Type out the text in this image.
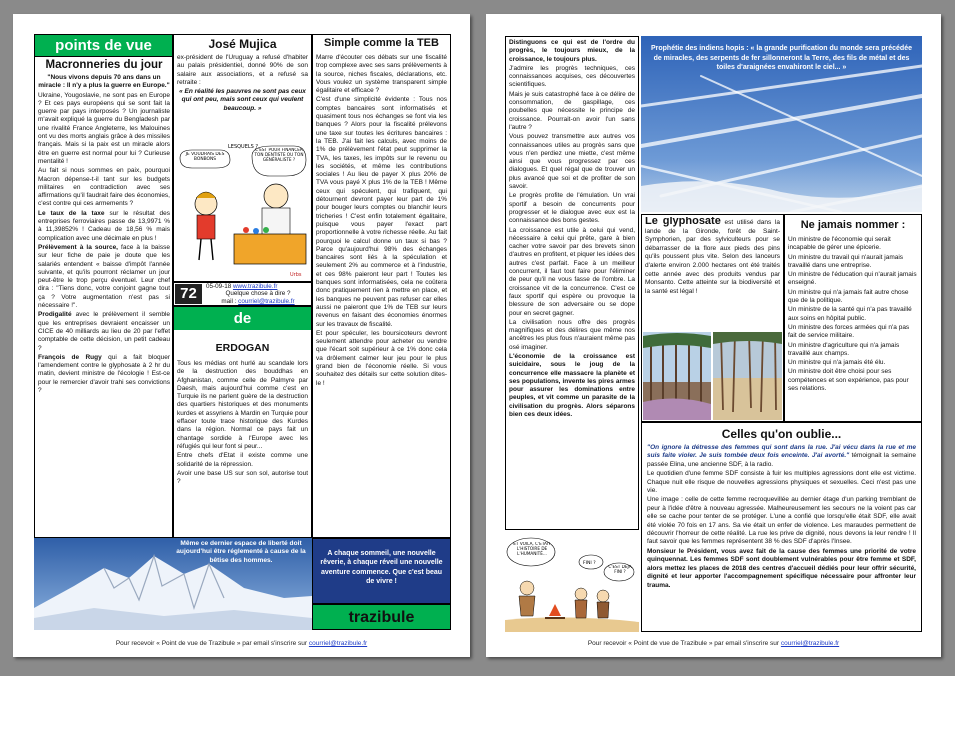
points de vue
Macronneries du jour

"Nous vivons depuis 70 ans dans un miracle : Il n'y a plus la guerre en Europe."

Ukraine, Yougoslavie, ne sont pas en Europe ? Et ces pays européens qui se sont fait la guerre par pays interposés ? Un journaliste m'avait expliqué la guerre du Bengladesh par une rivalité France Angleterre, les Malouines ont vu des morts anglais grâce à des missiles français. Mais si la paix est un miracle alors être en guerre est normal pour lui ? Curieuse mentalité !

Au fait si nous sommes en paix, pourquoi Macron dépense-t-il tant sur les budgets militaires en contradiction avec ses affirmations qu'il faudrait faire des économies, c'est contre qui ces armements ?

Le taux de la taxe sur le résultat des entreprises ferroviaires passe de 13,9971 % à 11,39852% ! Cadeau de 18,56 % mais complication avec une décimale en plus !

Prélèvement à la source, face à la baisse sur leur fiche de paie je doute que les salariés entendent « baisse d'impôt l'année suivante, et qu'ils pourront réclamer un jour peut-être le trop perçu éventuel. Leur chef dira : "Tiens donc, votre conjoint gagne tout ça ? Votre augmentation n'est pas si nécessaire !".

Prodigalité avec le prélèvement il semble que les entreprises devraient encaisser un CICE de 40 milliards au lieu de 20 par l'effet comptable de cette décision, un petit cadeau ?

François de Rugy qui a fait bloquer l'amendement contre le glyphosate à 2 hr du matin, devient ministre de l'écologie ! Est-ce pour le remercier d'avoir trahi ses convictions ?

José Mujica

ex-président de l'Uruguay a refusé d'habiter au palais présidentiel, donné 90% de son salaire aux associations, et a refusé sa retraite :

« En réalité les pauvres ne sont pas ceux qui ont peu, mais sont ceux qui veulent beaucoup. »

LESQUELS ?
JE VOUDRAIS DES BONBONS
C'EST POUR FINANCER TON DENTISTE OU TON GÉNÉRALISTE ?
Urbs
72	05-09-18 www.trazibule.fr
Quelque chose à dire ?
mail : courriel@trazibule.fr
de
ERDOGAN

Tous les médias ont hurlé au scandale lors de la destruction des bouddhas en Afghanistan, comme celle de Palmyre par Daesh, mais aujourd'hui comme c'est en Turquie ils ne parlent guère de la destruction des quartiers historiques et des monuments kurdes et assyriens à Mardin en Turquie pour effacer toute trace historique des Kurdes dans la région. Normal ce pays fait un chantage sordide à l'Europe avec les réfugiés qui leur font si peur...

Entre chefs d'Etat il existe comme une solidarité de la répression.

Avoir une base US sur son sol, autorise tout ?

Simple comme la TEB

Marre d'écouter ces débats sur une fiscalité trop complexe avec ses sans prélèvements à la source, niches fiscales, déclarations, etc. Vous voulez un système transparent simple égalitaire et efficace ?

C'est d'une simplicité évidente : Tous nos comptes bancaires sont informatisés et quasiment tous nos échanges se font via les banques ? Alors pour la fiscalité prélevons une taxe sur toutes les écritures bancaires : la TEB. J'ai fait les calculs, avec moins de 1% de prélèvement l'état peut supprimer la TVA, les taxes, les impôts sur le revenu ou les sociétés, et même les contributions sociales ! Au lieu de payer X plus 20% de TVA vous payé X plus 1% de la TEB ! Même ceux qui spéculent, qui trafiquent, qui détournent devront payer leur part de 1% pour bouger leurs comptes ou blanchir leurs tricheries ! C'est enfin totalement égalitaire, puisque vous payer l'exact part proportionnelle à votre richesse réelle. Au fait pourquoi le calcul donne un taux si bas ? Parce qu'aujourd'hui 98% des échanges bancaires sont liés à la spéculation et seulement 2% au commerce et à l'industrie, et ces 98% paieront leur part ! Toutes les banques sont informatisées, cela ne coûtera donc pratiquement rien à mettre en place, et les banques ne peuvent pas refuser car elles aussi ne paieront que 1% de TEB sur leurs revenus en faisant des économies énormes sur les travaux de fiscalité.

Et pour spéculer, les boursicoteurs devront seulement attendre pour acheter ou vendre que l'écart soit supérieur à ce 1% donc cela va drôlement calmer leur jeu pour le plus grand bien de l'économie réelle. Si vous souhaitez des détails sur cette solution dites-le !

Même ce dernier espace de liberté doit aujourd'hui être réglementé à cause de la bêtise des hommes.
A chaque sommeil, une nouvelle rêverie, à chaque réveil une nouvelle aventure commence. Que c'est beau de vivre !
trazibule
Pour recevoir « Point de vue de Trazibule » par email s'inscrire sur courriel@trazibule.fr

Distinguons ce qui est de l'ordre du progrès, le toujours mieux, de la croissance, le toujours plus.

J'admire les progrès techniques, ces connaissances acquises, ces découvertes scientifiques.

Mais je suis catastrophé face à ce délire de consommation, de gaspillage, ces poubelles que nécessite le principe de croissance. Pourrait-on avoir l'un sans l'autre ?

Vous pouvez transmettre aux autres vos connaissances utiles au progrès sans que vous n'en perdiez une miette, c'est même ainsi que vous progressez par ces dialogues. Et quel régal que de trouver un plus avancé que soi et de profiter de son savoir.

Le progrès profite de l'émulation. Un vrai sportif a besoin de concurrents pour progresser et le dialogue avec eux est la connaissance des bons gestes.

La croissance est utile à celui qui vend, nécessaire à celui qui prête, gare à bien cacher votre savoir par des brevets sinon d'autres en profitent, et piquer les idées des autres c'est parfait. Face à un meilleur concurrent, il faut tout faire pour l'éliminer de peur qu'il ne vous fasse de l'ombre. La croissance vit de la concurrence. C'est ce faux sportif qui espère ou provoque la blessure de son adversaire ou se dope pour en secret gagner.

La civilisation nous offre des progrès magnifiques et des délires que même nos ancêtres les plus fous n'auraient même pas osé imaginer.

L'économie de la croissance est suicidaire, sous le joug de la concurrence elle massacre la planète et ses populations, invente les pires armes pour assurer les dominations entre peuples, et vit comme un parasite de la civilisation du progrès. Alors séparons bien ces deux idées.

ET VOILÀ, C'ÉTAIT L'HISTOIRE DE L'HUMANITÉ...
FINI ?
C'EST DÉJÀ FINI ?
Prophétie des indiens hopis : « la grande purification du monde sera précédée de miracles, des serpents de fer sillonneront la Terre, des fils de métal et des toiles d'araignées envahiront le ciel... »
Le glyphosate est utilisé dans la lande de la Gironde, forêt de Saint-Symphorien, par des sylviculteurs pour se débarrasser de la flore aux pieds des pins qu'ils poussent plus vite. Selon des lanceurs d'alerte environ 2.000 hectares ont été traités cette année avec des produits vendus par Monsanto. Cette atteinte sur la biodiversité et la santé est légal !
Ne jamais nommer :

Un ministre de l'économie qui serait incapable de gérer une épicerie.

Un ministre du travail qui n'aurait jamais travaillé dans une entreprise.

Un ministre de l'éducation qui n'aurait jamais enseigné.

Un ministre qui n'a jamais fait autre chose que de la politique.

Un ministre de la santé qui n'a pas travaillé aux soins en hôpital public.

Un ministre des forces armées qui n'a pas fait de service militaire.

Un ministre d'agriculture qui n'a jamais travaillé aux champs.

Un ministre qui n'a jamais été élu.

Un ministre doit être choisi pour ses compétences et son expérience, pas pour ses relations.

Celles qu'on oublie...

"On ignore la détresse des femmes qui sont dans la rue. J'ai vécu dans la rue et me suis faite violer. Je suis tombée deux fois enceinte. J'ai avorté." témoignait la semaine passée Elina, une ancienne SDF, à la radio.

Le quotidien d'une femme SDF consiste à fuir les multiples agressions dont elle est victime. Chaque nuit elle risque de nouvelles agressions physiques et sexuelles. Ceci n'est pas une vie.

Une image : celle de cette femme recroquevillée au dernier étage d'un parking tremblant de peur à l'idée d'être à nouveau agressée. Malheureusement les secours ne la voient pas car elle se cache pour tenter de se protéger. L'une a confié que lorsqu'elle était SDF, elle avait été violée 70 fois en 17 ans. Sa vie était un enfer de violence. Les maraudes permettent de découvrir l'horreur de cette réalité. La rue les prive de dignité, nous devons la leur rendre ! Il faut savoir que les femmes représentent 38 % des SDF d'après l'Insee.

Monsieur le Président, vous avez fait de la cause des femmes une priorité de votre quinquennat. Les femmes SDF sont doublement vulnérables pour être femme et SDF, alors mettez les places de 2018 des centres d'accueil dédiés pour leur offrir sécurité, dignité et leur apporter l'accompagnement spécifique nécessaire pour affronter leur trauma.

Pour recevoir « Point de vue de Trazibule » par email s'inscrire sur courriel@trazibule.fr
